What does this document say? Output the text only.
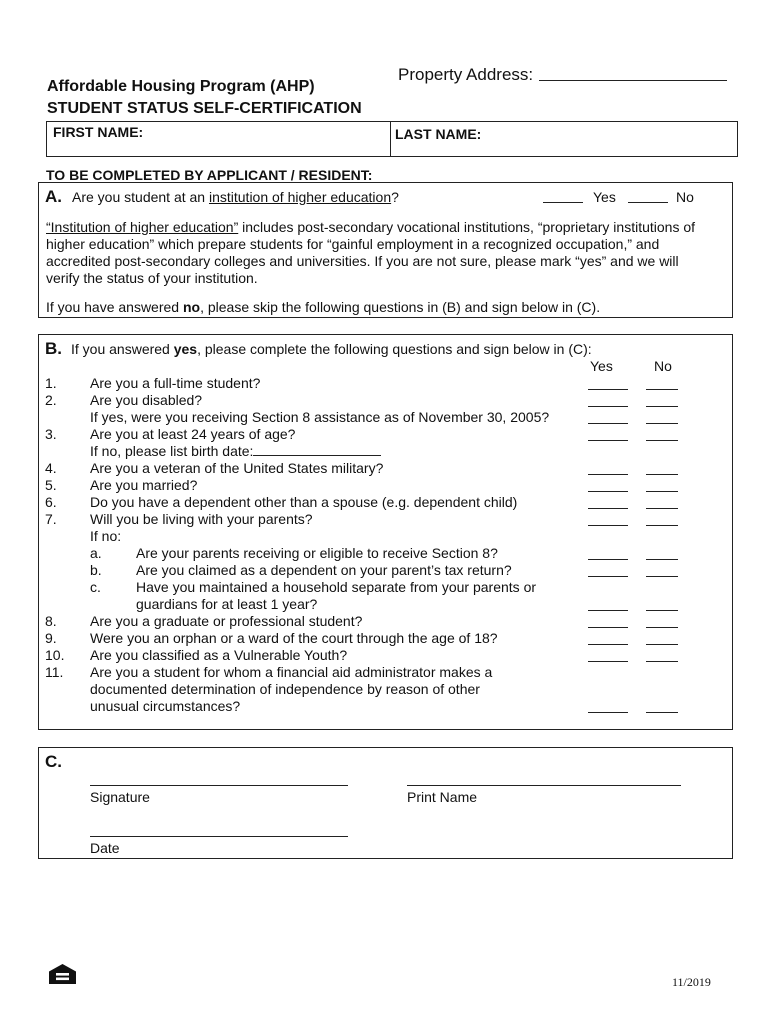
Affordable Housing Program (AHP)
STUDENT STATUS SELF-CERTIFICATION
Property Address:
FIRST NAME:	LAST NAME:
TO BE COMPLETED BY APPLICANT / RESIDENT:
A. Are you student at an institution of higher education?	Yes	No
“Institution of higher education” includes post-secondary vocational institutions, “proprietary institutions of
higher education” which prepare students for “gainful employment in a recognized occupation,” and
accredited post-secondary colleges and universities. If you are not sure, please mark “yes” and we will
verify the status of your institution.
If you have answered no, please skip the following questions in (B) and sign below in (C).
B. If you answered yes, please complete the following questions and sign below in (C):
Yes	No
1. Are you a full-time student?
2. Are you disabled?
If yes, were you receiving Section 8 assistance as of November 30, 2005?
3. Are you at least 24 years of age?
If no, please list birth date:
4. Are you a veteran of the United States military?
5. Are you married?
6. Do you have a dependent other than a spouse (e.g. dependent child)
7. Will you be living with your parents?
If no:
a. Are your parents receiving or eligible to receive Section 8?
b. Are you claimed as a dependent on your parent’s tax return?
c.	Have you maintained a household separate from your parents or
guardians for at least 1 year?
8. Are you a graduate or professional student?
9. Were you an orphan or a ward of the court through the age of 18?
10. Are you classified as a Vulnerable Youth?
11. Are you a student for whom a financial aid administrator makes a
documented determination of independence by reason of other
unusual circumstances?
C.
Signature	Print Name
Date
11/2019
